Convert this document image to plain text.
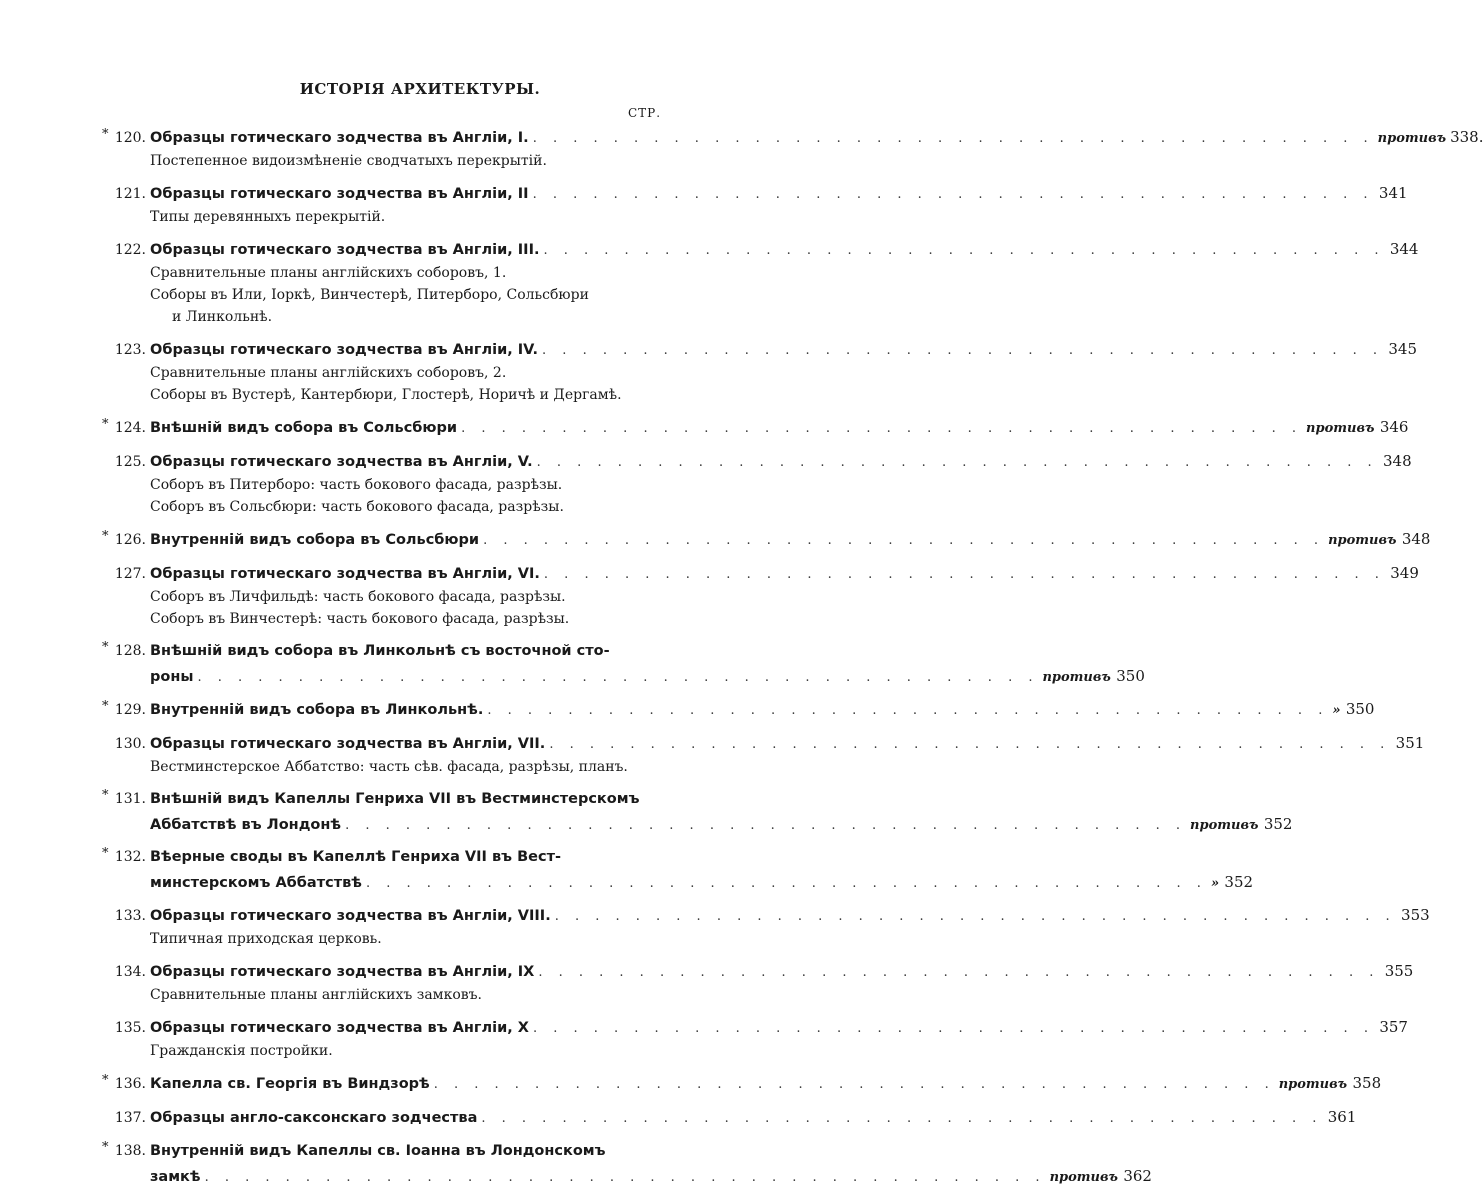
ИСТОРІЯ АРХИТЕКТУРЫ.
СТР.
* 120. Образцы готическаго зодчества въ Англіи, I. . . . . . . . . . . . . . . . . . . . . . . . . . . . . . . . . . . . . . . . . . . противъ 338.
Постепенное видоизмѣненіе сводчатыхъ перекрытій.
121. Образцы готическаго зодчества въ Англіи, II . . . . . . . . . . . . . . . . . . . . . . . . . . . . . . . . . . . . . . . . . . 341
Типы деревянныхъ перекрытій.
122. Образцы готическаго зодчества въ Англіи, III. . . . . . . . . . . . . . . . . . . . . . . . . . . . . . . . . . . . . . . . . . . 344
Сравнительные планы англійскихъ соборовъ, 1.
Соборы въ Или, Іоркѣ, Винчестерѣ, Питерборо, Сольсбюри
и Линкольнѣ.
123. Образцы готическаго зодчества въ Англіи, IV. . . . . . . . . . . . . . . . . . . . . . . . . . . . . . . . . . . . . . . . . . . 345
Сравнительные планы англійскихъ соборовъ, 2.
Соборы въ Вустерѣ, Кантербюри, Глостерѣ, Норичѣ и Дергамѣ.
* 124. Внѣшній видъ собора въ Сольсбюри . . . . . . . . . . . . . . . . . . . . . . . . . . . . . . . . . . . . . . . . . . противъ 346
125. Образцы готическаго зодчества въ Англіи, V. . . . . . . . . . . . . . . . . . . . . . . . . . . . . . . . . . . . . . . . . . . 348
Соборъ въ Питерборо: часть бокового фасада, разрѣзы.
Соборъ въ Сольсбюри: часть бокового фасада, разрѣзы.
* 126. Внутренній видъ собора въ Сольсбюри . . . . . . . . . . . . . . . . . . . . . . . . . . . . . . . . . . . . . . . . . . противъ 348
127. Образцы готическаго зодчества въ Англіи, VI. . . . . . . . . . . . . . . . . . . . . . . . . . . . . . . . . . . . . . . . . . . 349
Соборъ въ Личфильдѣ: часть бокового фасада, разрѣзы.
Соборъ въ Винчестерѣ: часть бокового фасада, разрѣзы.
* 128. Внѣшній видъ собора въ Линкольнѣ съ восточной сто-
роны . . . . . . . . . . . . . . . . . . . . . . . . . . . . . . . . . . . . . . . . . . противъ 350
* 129. Внутренній видъ собора въ Линкольнѣ. . . . . . . . . . . . . . . . . . . . . . . . . . . . . . . . . . . . . . . . . . . » 350
130. Образцы готическаго зодчества въ Англіи, VII. . . . . . . . . . . . . . . . . . . . . . . . . . . . . . . . . . . . . . . . . . . 351
Вестминстерское Аббатство: часть сѣв. фасада, разрѣзы, планъ.
* 131. Внѣшній видъ Капеллы Генриха VII въ Вестминстерскомъ
Аббатствѣ въ Лондонѣ . . . . . . . . . . . . . . . . . . . . . . . . . . . . . . . . . . . . . . . . . . противъ 352
* 132. Вѣерные своды въ Капеллѣ Генриха VII въ Вест-
минстерскомъ Аббатствѣ . . . . . . . . . . . . . . . . . . . . . . . . . . . . . . . . . . . . . . . . . . » 352
133. Образцы готическаго зодчества въ Англіи, VIII. . . . . . . . . . . . . . . . . . . . . . . . . . . . . . . . . . . . . . . . . . . 353
Типичная приходская церковь.
134. Образцы готическаго зодчества въ Англіи, IX . . . . . . . . . . . . . . . . . . . . . . . . . . . . . . . . . . . . . . . . . . 355
Сравнительные планы англійскихъ замковъ.
135. Образцы готическаго зодчества въ Англіи, X . . . . . . . . . . . . . . . . . . . . . . . . . . . . . . . . . . . . . . . . . . 357
Гражданскія постройки.
* 136. Капелла св. Георгія въ Виндзорѣ . . . . . . . . . . . . . . . . . . . . . . . . . . . . . . . . . . . . . . . . . . противъ 358
137. Образцы англо-саксонскаго зодчества . . . . . . . . . . . . . . . . . . . . . . . . . . . . . . . . . . . . . . . . . . 361
* 138. Внутренній видъ Капеллы св. Іоанна въ Лондонскомъ
замкѣ . . . . . . . . . . . . . . . . . . . . . . . . . . . . . . . . . . . . . . . . . . противъ 362
